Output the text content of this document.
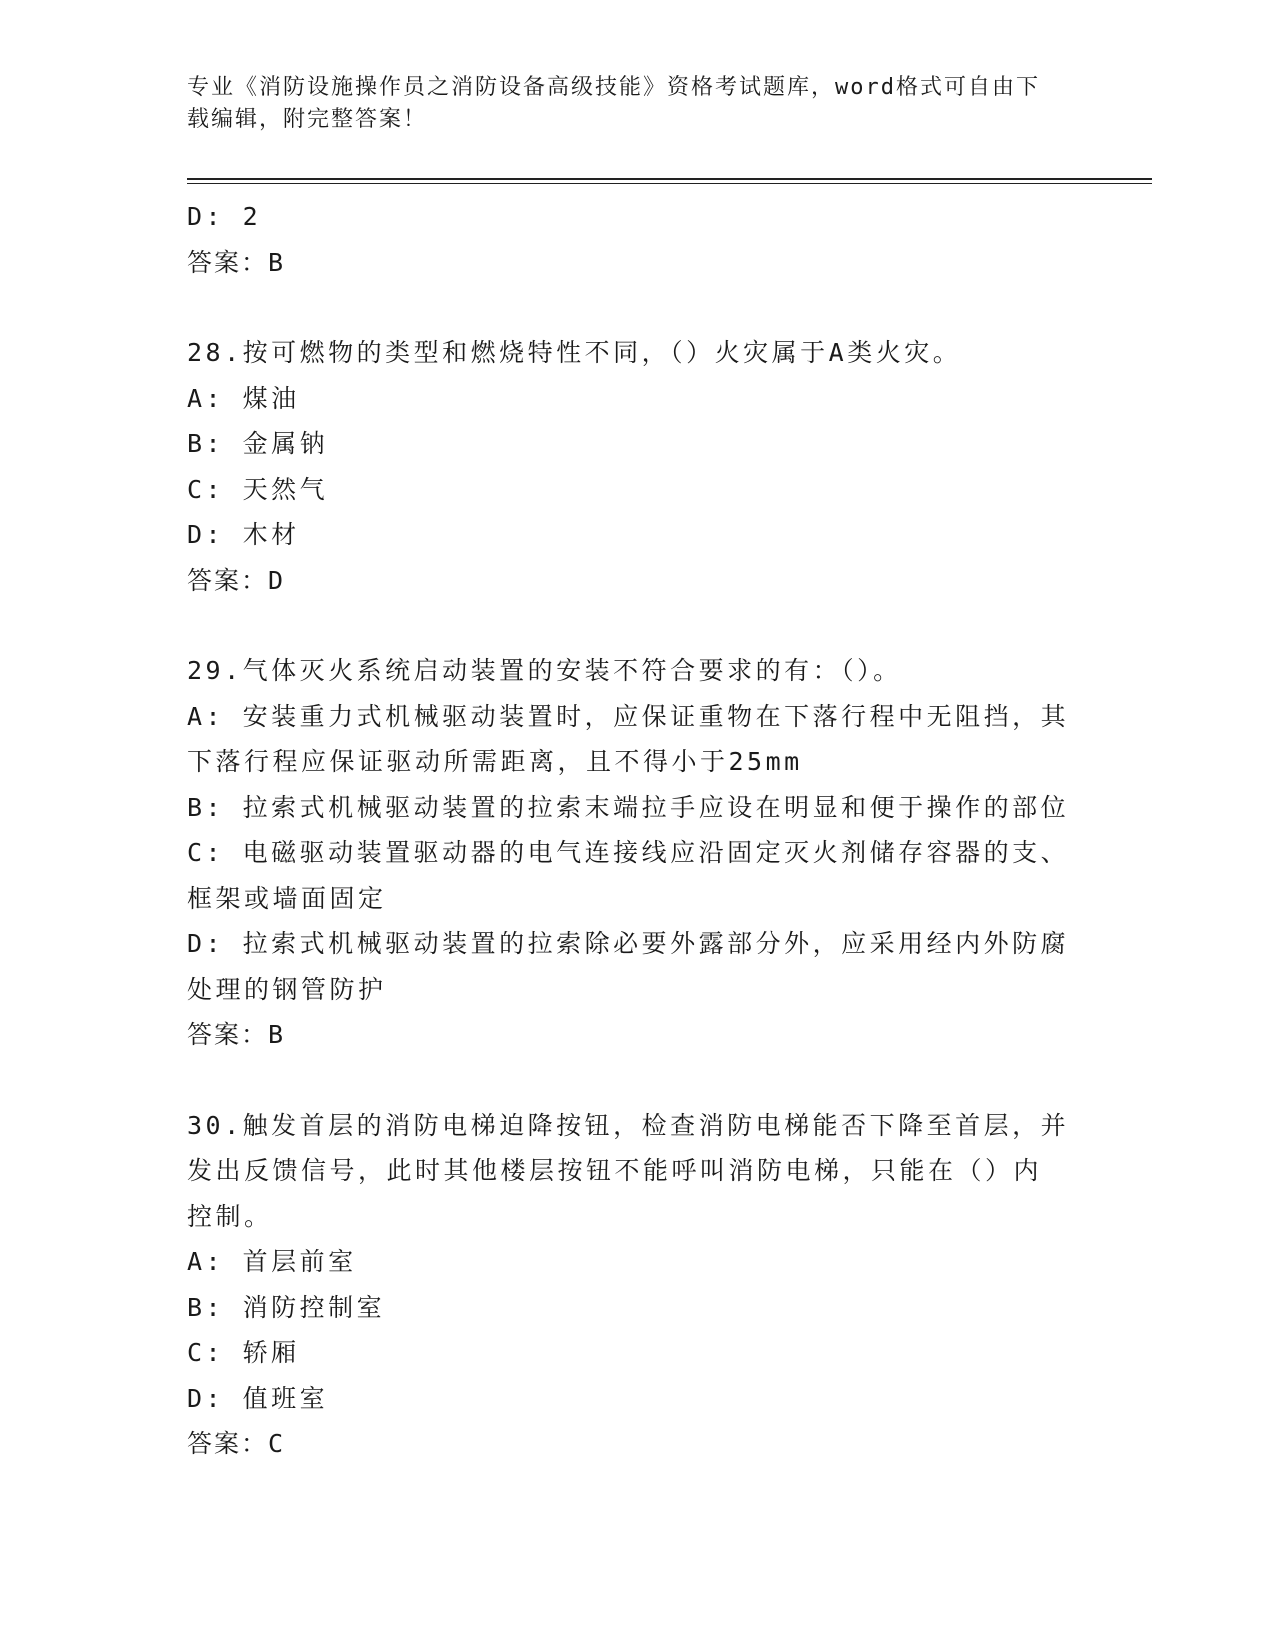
专业《消防设施操作员之消防设备高级技能》资格考试题库，word格式可自由下
载编辑，附完整答案！
D: 2
答案：B
28.按可燃物的类型和燃烧特性不同，（）火灾属于A类火灾。
A: 煤油
B: 金属钠
C: 天然气
D: 木材
答案：D
29.气体灭火系统启动装置的安装不符合要求的有：（）。
A: 安装重力式机械驱动装置时，应保证重物在下落行程中无阻挡，其
下落行程应保证驱动所需距离，且不得小于25mm
B: 拉索式机械驱动装置的拉索末端拉手应设在明显和便于操作的部位
C: 电磁驱动装置驱动器的电气连接线应沿固定灭火剂储存容器的支、
框架或墙面固定
D: 拉索式机械驱动装置的拉索除必要外露部分外，应采用经内外防腐
处理的钢管防护
答案：B
30.触发首层的消防电梯迫降按钮，检查消防电梯能否下降至首层，并
发出反馈信号，此时其他楼层按钮不能呼叫消防电梯，只能在（）内
控制。
A: 首层前室
B: 消防控制室
C: 轿厢
D: 值班室
答案：C
